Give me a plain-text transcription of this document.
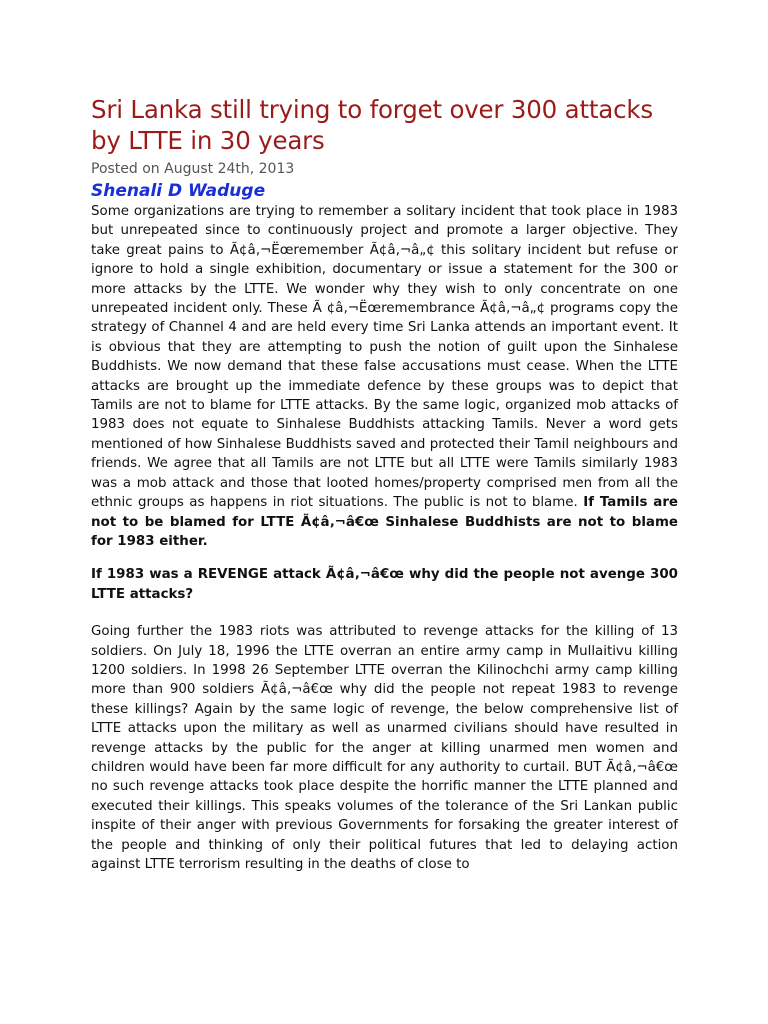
Sri Lanka still trying to forget over 300 attacks by LTTE in 30 years
Posted on August 24th, 2013
Shenali D Waduge

Some organizations are trying to remember a solitary incident that took place in 1983 but unrepeated since to continuously project and promote a larger objective. They take great pains to Ã¢â‚¬Ëœremember Ã¢â‚¬â„¢ this solitary incident but refuse or ignore to hold a single exhibition, documentary or issue a statement for the 300 or more attacks by the LTTE. We wonder why they wish to only concentrate on one unrepeated incident only. These Ã ¢â‚¬Ëœremembrance Ã¢â‚¬â„¢ programs copy the strategy of Channel 4 and are held every time Sri Lanka attends an important event. It is obvious that they are attempting to push the notion of guilt upon the Sinhalese Buddhists. We now demand that these false accusations must cease. When the LTTE attacks are brought up the immediate defence by these groups was to depict that Tamils are not to blame for LTTE attacks. By the same logic, organized mob attacks of 1983 does not equate to Sinhalese Buddhists attacking Tamils. Never a word gets mentioned of how Sinhalese Buddhists saved and protected their Tamil neighbours and friends. We agree that all Tamils are not LTTE but all LTTE were Tamils similarly 1983 was a mob attack and those that looted homes/property comprised men from all the ethnic groups as happens in riot situations. The public is not to blame. If Tamils are not to be blamed for LTTE Ã¢â‚¬â€œ Sinhalese Buddhists are not to blame for 1983 either.

If 1983 was a REVENGE attack Ã¢â‚¬â€œ why did the people not avenge 300 LTTE attacks?

Going further the 1983 riots was attributed to revenge attacks for the killing of 13 soldiers. On July 18, 1996 the LTTE overran an entire army camp in Mullaitivu killing 1200 soldiers. In 1998 26 September LTTE overran the Kilinochchi army camp killing more than 900 soldiers Ã¢â‚¬â€œ why did the people not repeat 1983 to revenge these killings? Again by the same logic of revenge, the below comprehensive list of LTTE attacks upon the military as well as unarmed civilians should have resulted in revenge attacks by the public for the anger at killing unarmed men women and children would have been far more difficult for any authority to curtail. BUT Ã¢â‚¬â€œ no such revenge attacks took place despite the horrific manner the LTTE planned and executed their killings. This speaks volumes of the tolerance of the Sri Lankan public inspite of their anger with previous Governments for forsaking the greater interest of the people and thinking of only their political futures that led to delaying action against LTTE terrorism resulting in the deaths of close to
